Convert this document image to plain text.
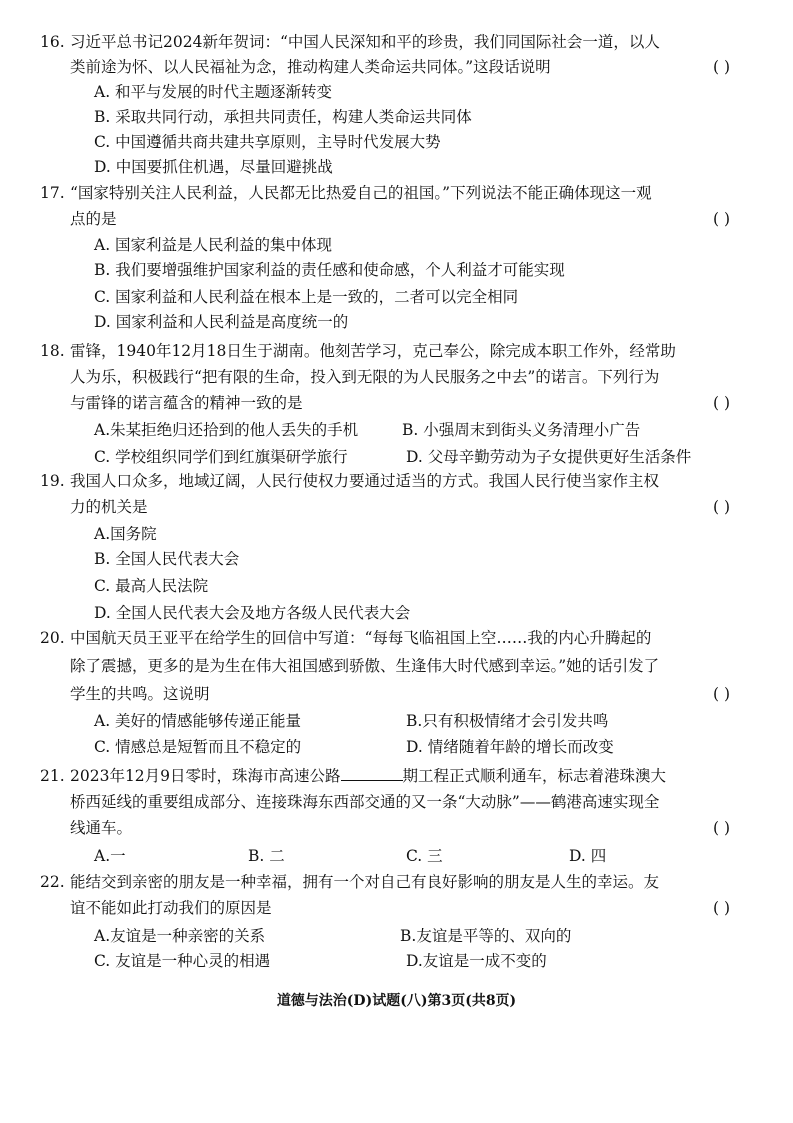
16. 习近平总书记2024新年贺词：“中国人民深知和平的珍贵，我们同国际社会一道，以人
类前途为怀、以人民福祉为念，推动构建人类命运共同体。”这段话说明	( )
A. 和平与发展的时代主题逐渐转变
B. 采取共同行动，承担共同责任，构建人类命运共同体
C. 中国遵循共商共建共享原则，主导时代发展大势
D. 中国要抓住机遇，尽量回避挑战
17. “国家特别关注人民利益，人民都无比热爱自己的祖国。”下列说法不能正确体现这一观
点的是	( )
A. 国家利益是人民利益的集中体现
B. 我们要增强维护国家利益的责任感和使命感，个人利益才可能实现
C. 国家利益和人民利益在根本上是一致的，二者可以完全相同
D. 国家利益和人民利益是高度统一的
18. 雷锋，1940年12月18日生于湖南。他刻苦学习，克己奉公，除完成本职工作外，经常助
人为乐，积极践行“把有限的生命，投入到无限的为人民服务之中去”的诺言。下列行为
与雷锋的诺言蕴含的精神一致的是	( )
A.朱某拒绝归还拾到的他人丢失的手机	B. 小强周末到街头义务清理小广告
C. 学校组织同学们到红旗渠研学旅行	D. 父母辛勤劳动为子女提供更好生活条件
19. 我国人口众多，地域辽阔，人民行使权力要通过适当的方式。我国人民行使当家作主权
力的机关是	( )
A.国务院
B. 全国人民代表大会
C. 最高人民法院
D. 全国人民代表大会及地方各级人民代表大会
20. 中国航天员王亚平在给学生的回信中写道：“每每飞临祖国上空……我的内心升腾起的
除了震撼，更多的是为生在伟大祖国感到骄傲、生逢伟大时代感到幸运。”她的话引发了
学生的共鸣。这说明	( )
A. 美好的情感能够传递正能量	B.只有积极情绪才会引发共鸣
C. 情感总是短暂而且不稳定的	D. 情绪随着年龄的增长而改变
21. 2023年12月9日零时，珠海市高速公路	期工程正式顺利通车，标志着港珠澳大
桥西延线的重要组成部分、连接珠海东西部交通的又一条“大动脉”——鹤港高速实现全
线通车。	( )
A.一	B. 二	C. 三	D. 四
22. 能结交到亲密的朋友是一种幸福，拥有一个对自己有良好影响的朋友是人生的幸运。友
谊不能如此打动我们的原因是	( )
A.友谊是一种亲密的关系	B.友谊是平等的、双向的
C. 友谊是一种心灵的相遇	D.友谊是一成不变的
道德与法治(D)试题(八)第3页(共8页)
